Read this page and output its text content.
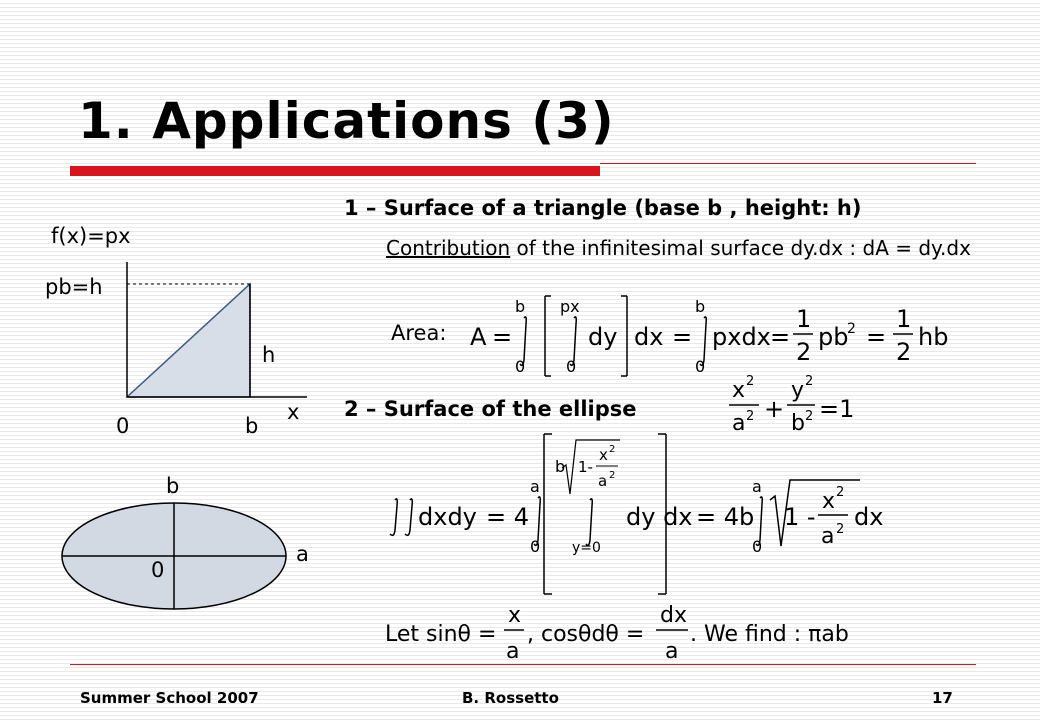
1. Applications (3)
1 – Surface of a triangle (base b , height: h)
Contribution of the infinitesimal surface dy.dx : dA = dy.dx
Area:
2 – Surface of the ellipse
A =
b
0
px
0
dy dx =
b
0
pxdx =
1
2
pb
2 =
1
2
hb
x 2
a 2 +
y 2
b 2 =1
dxdy = 4
a
0
b 1-
x 2
a 2
y=0
dy dx = 4b
a
0
1 -
x 2
a 2 dx
Let sinθ =
x
a
, cosθdθ =
dx
a
. We find : πab
f(x)=px
pb=h
h
0	b
x
b
a
0
Summer School 2007	B. Rossetto	17
